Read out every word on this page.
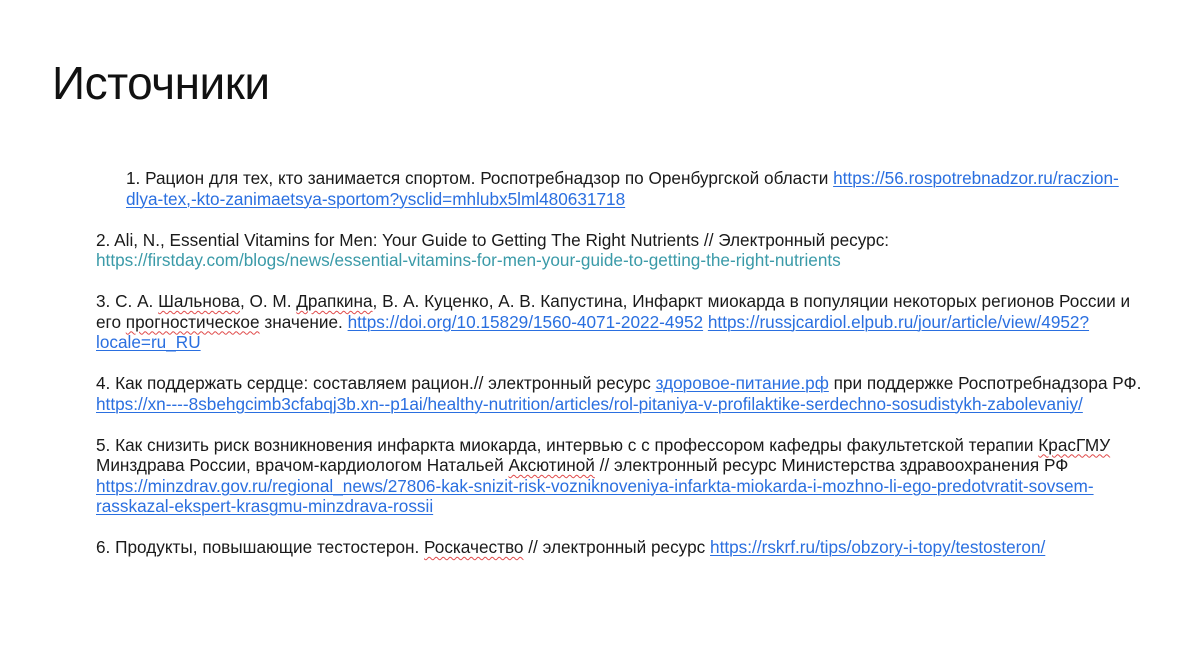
Источники
1. Рацион для тех, кто занимается спортом. Роспотребнадзор по Оренбургской области https://56.rospotrebnadzor.ru/raczion-dlya-tex,-kto-zanimaetsya-sportom?ysclid=mhlubx5lml480631718
2. Ali, N., Essential Vitamins for Men: Your Guide to Getting The Right Nutrients // Электронный ресурс: https://firstday.com/blogs/news/essential-vitamins-for-men-your-guide-to-getting-the-right-nutrients
3. С. А. Шальнова, О. М. Драпкина, В. А. Куценко, А. В. Капустина, Инфаркт миокарда в популяции некоторых регионов России и его прогностическое значение. https://doi.org/10.15829/1560-4071-2022-4952 https://russjcardiol.elpub.ru/jour/article/view/4952?locale=ru_RU
4. Как поддержать сердце: составляем рацион.// электронный ресурс здоровое-питание.рф при поддержке Роспотребнадзора РФ. https://xn----8sbehgcimb3cfabqj3b.xn--p1ai/healthy-nutrition/articles/rol-pitaniya-v-profilaktike-serdechno-sosudistykh-zabolevaniy/
5. Как снизить риск возникновения инфаркта миокарда, интервью с с профессором кафедры факультетской терапии КрасГМУ Минздрава России, врачом-кардиологом Натальей Аксютиной // электронный ресурс Министерства здравоохранения РФ https://minzdrav.gov.ru/regional_news/27806-kak-snizit-risk-vozniknoveniya-infarkta-miokarda-i-mozhno-li-ego-predotvratit-sovsem-rasskazal-ekspert-krasgmu-minzdrava-rossii
6. Продукты, повышающие тестостерон. Роскачество // электронный ресурс https://rskrf.ru/tips/obzory-i-topy/testosteron/
